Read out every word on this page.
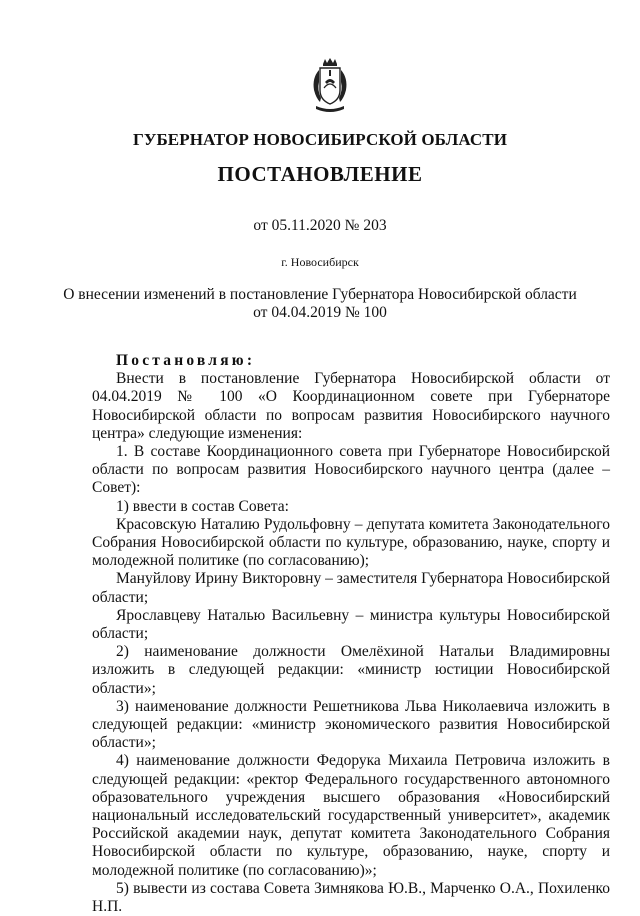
ГУБЕРНАТОР НОВОСИБИРСКОЙ ОБЛАСТИ
ПОСТАНОВЛЕНИЕ
от 05.11.2020 № 203
г. Новосибирск
О внесении изменений в постановление Губернатора Новосибирской области
от 04.04.2019 № 100

Постановляю:

Внести в постановление Губернатора Новосибирской области от 04.04.2019 № 100 «О Координационном совете при Губернаторе Новосибирской области по вопросам развития Новосибирского научного центра» следующие изменения:

1. В составе Координационного совета при Губернаторе Новосибирской области по вопросам развития Новосибирского научного центра (далее – Совет):

1) ввести в состав Совета:

Красовскую Наталию Рудольфовну – депутата комитета Законодательного Собрания Новосибирской области по культуре, образованию, науке, спорту и молодежной политике (по согласованию);

Мануйлову Ирину Викторовну – заместителя Губернатора Новосибирской области;

Ярославцеву Наталью Васильевну – министра культуры Новосибирской области;

2) наименование должности Омелёхиной Натальи Владимировны изложить в следующей редакции: «министр юстиции Новосибирской области»;

3) наименование должности Решетникова Льва Николаевича изложить в следующей редакции: «министр экономического развития Новосибирской области»;

4) наименование должности Федорука Михаила Петровича изложить в следующей редакции: «ректор Федерального государственного автономного образовательного учреждения высшего образования «Новосибирский национальный исследовательский государственный университет», академик Российской академии наук, депутат комитета Законодательного Собрания Новосибирской области по культуре, образованию, науке, спорту и молодежной политике (по согласованию)»;

5) вывести из состава Совета Зимнякова Ю.В., Марченко О.А., Похиленко Н.П.
